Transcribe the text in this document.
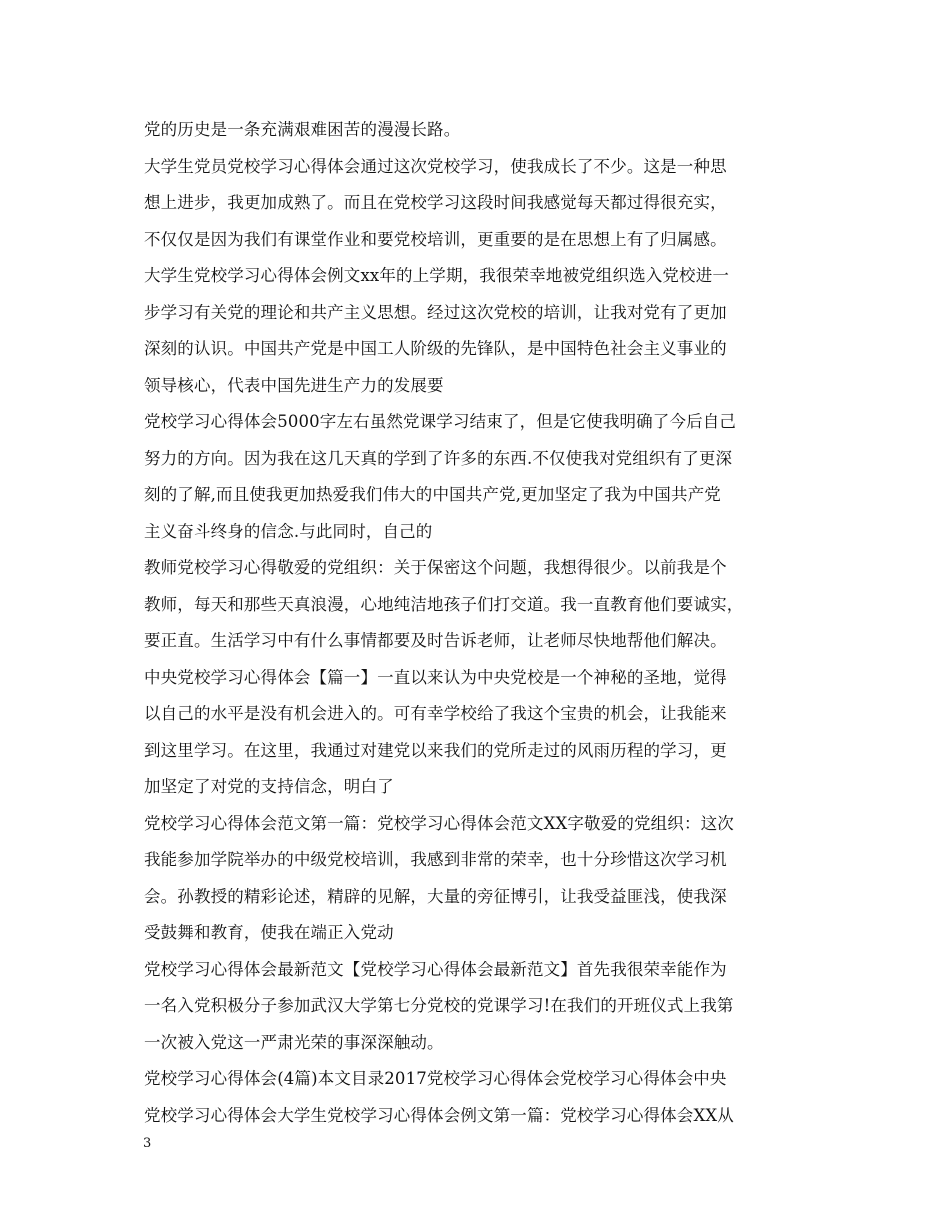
党的历史是一条充满艰难困苦的漫漫长路。
大学生党员党校学习心得体会通过这次党校学习，使我成长了不少。这是一种思
想上进步，我更加成熟了。而且在党校学习这段时间我感觉每天都过得很充实，
不仅仅是因为我们有课堂作业和要党校培训，更重要的是在思想上有了归属感。
大学生党校学习心得体会例文xx年的上学期，我很荣幸地被党组织选入党校进一
步学习有关党的理论和共产主义思想。经过这次党校的培训，让我对党有了更加
深刻的认识。中国共产党是中国工人阶级的先锋队，是中国特色社会主义事业的
领导核心，代表中国先进生产力的发展要
党校学习心得体会5000字左右虽然党课学习结束了，但是它使我明确了今后自己
努力的方向。因为我在这几天真的学到了许多的东西.不仅使我对党组织有了更深
刻的了解,而且使我更加热爱我们伟大的中国共产党,更加坚定了我为中国共产党
主义奋斗终身的信念.与此同时，自己的
教师党校学习心得敬爱的党组织：关于保密这个问题，我想得很少。以前我是个
教师，每天和那些天真浪漫，心地纯洁地孩子们打交道。我一直教育他们要诚实，
要正直。生活学习中有什么事情都要及时告诉老师，让老师尽快地帮他们解决。
中央党校学习心得体会【篇一】一直以来认为中央党校是一个神秘的圣地，觉得
以自己的水平是没有机会进入的。可有幸学校给了我这个宝贵的机会，让我能来
到这里学习。在这里，我通过对建党以来我们的党所走过的风雨历程的学习，更
加坚定了对党的支持信念，明白了
党校学习心得体会范文第一篇：党校学习心得体会范文XX字敬爱的党组织：这次
我能参加学院举办的中级党校培训，我感到非常的荣幸，也十分珍惜这次学习机
会。孙教授的精彩论述，精辟的见解，大量的旁征博引，让我受益匪浅，使我深
受鼓舞和教育，使我在端正入党动
党校学习心得体会最新范文【党校学习心得体会最新范文】首先我很荣幸能作为
一名入党积极分子参加武汉大学第七分党校的党课学习!在我们的开班仪式上我第
一次被入党这一严肃光荣的事深深触动。
党校学习心得体会(4篇)本文目录2017党校学习心得体会党校学习心得体会中央
党校学习心得体会大学生党校学习心得体会例文第一篇：党校学习心得体会XX从
3
